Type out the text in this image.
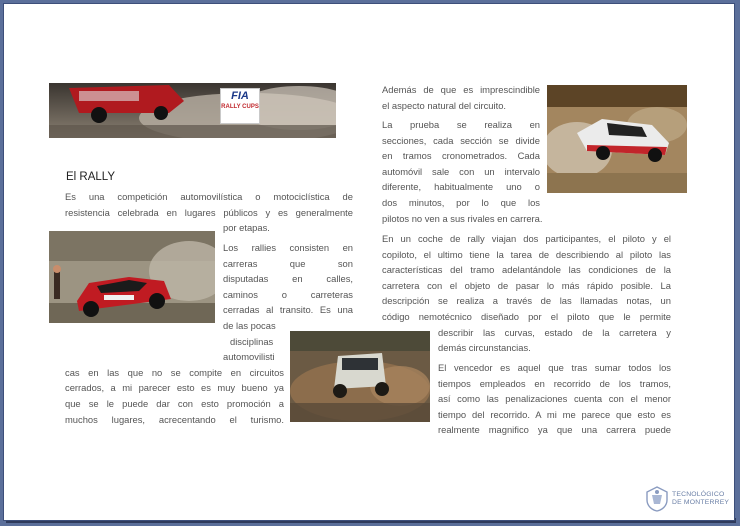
FIA
RALLY CUPS
El RALLY

Es una competición automovilística o motociclística de

resistencia celebrada en lugares públicos y es generalmente

por etapas.

Los rallies consisten en

carreras que son

disputadas en calles,

caminos o carreteras

cerradas al transito. Es una

de las pocas

disciplinas

automovilisti

cas en las que no se compite en circuitos

cerrados, a mi parecer esto es muy bueno ya

que se le puede dar con esto promoción a

muchos lugares, acrecentando el turismo.

Además de que es imprescindible

el aspecto natural del circuito.

La prueba se realiza en

secciones, cada sección se divide

en tramos cronometrados. Cada

automóvil sale con un intervalo

diferente, habitualmente uno o

dos minutos, por lo que los

pilotos no ven a sus rivales en carrera.

En un coche de rally viajan dos participantes, el piloto y el

copiloto, el ultimo tiene la tarea de describiendo al piloto las

características del tramo adelantándole las condiciones de la

carretera con el objeto de pasar lo más rápido posible. La

descripción se realiza a través de las llamadas notas, un

código nemotécnico diseñado por el piloto que le permite

describir las curvas, estado de la carretera y

demás circunstancias.

El vencedor es aquel que tras sumar todos los

tiempos empleados en recorrido de los tramos,

así como las penalizaciones cuenta con el menor

tiempo del recorrido. A mi me parece que esto es

realmente magnifico ya que una carrera puede

TECNOLÓGICO
DE MONTERREY
